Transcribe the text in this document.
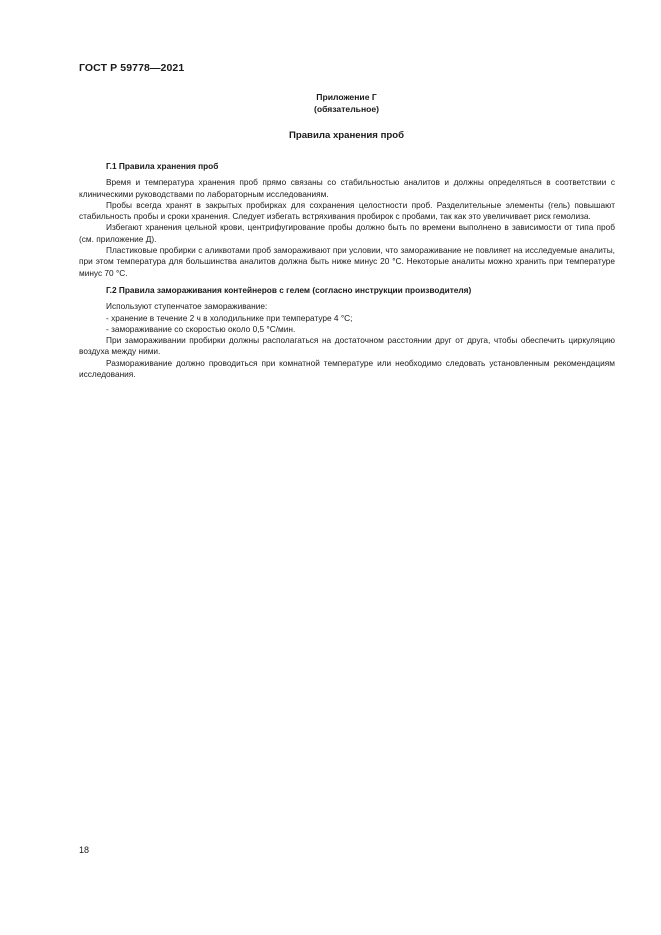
ГОСТ Р 59778—2021
Приложение Г
(обязательное)
Правила хранения проб
Г.1 Правила хранения проб

Время и температура хранения проб прямо связаны со стабильностью аналитов и должны определяться в соответствии с клиническими руководствами по лабораторным исследованиям.

Пробы всегда хранят в закрытых пробирках для сохранения целостности проб. Разделительные элементы (гель) повышают стабильность пробы и сроки хранения. Следует избегать встряхивания пробирок с пробами, так как это увеличивает риск гемолиза.

Избегают хранения цельной крови, центрифугирование пробы должно быть по времени выполнено в зависимости от типа проб (см. приложение Д).

Пластиковые пробирки с аликвотами проб замораживают при условии, что замораживание не повлияет на исследуемые аналиты, при этом температура для большинства аналитов должна быть ниже минус 20 °С. Некоторые аналиты можно хранить при температуре минус 70 °С.

Г.2 Правила замораживания контейнеров с гелем (согласно инструкции производителя)

Используют ступенчатое замораживание:

- хранение в течение 2 ч в холодильнике при температуре 4 °С;
- замораживание со скоростью около 0,5 °С/мин.

При замораживании пробирки должны располагаться на достаточном расстоянии друг от друга, чтобы обеспечить циркуляцию воздуха между ними.

Размораживание должно проводиться при комнатной температуре или необходимо следовать установленным рекомендациям исследования.

18
